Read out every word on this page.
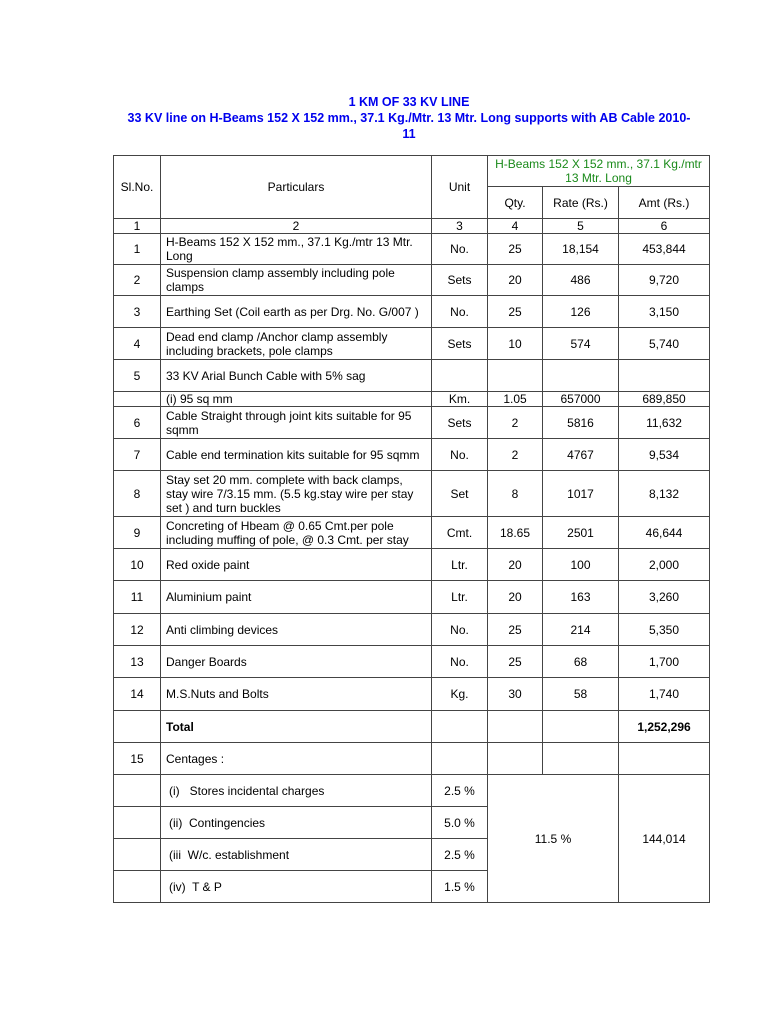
1 KM OF 33 KV LINE
33 KV line on H-Beams 152 X 152 mm., 37.1 Kg./Mtr. 13 Mtr. Long supports with AB Cable 2010-
11
Sl.No.	Particulars	Unit	H-Beams 152 X 152 mm., 37.1 Kg./mtr 13 Mtr. Long		
			Qty.	Rate (Rs.)	Amt (Rs.)
1	2	3	4	5	6
1	H-Beams 152 X 152 mm., 37.1 Kg./mtr 13 Mtr. Long	No.	25	18,154	453,844
2	Suspension clamp assembly including pole clamps	Sets	20	486	9,720
3	Earthing Set (Coil earth as per Drg. No. G/007 )	No.	25	126	3,150
4	Dead end clamp /Anchor clamp assembly including brackets, pole clamps	Sets	10	574	5,740
5	33 KV Arial Bunch Cable with 5% sag				
	(i) 95 sq mm	Km.	1.05	657000	689,850
6	Cable Straight through joint kits suitable for 95 sqmm	Sets	2	5816	11,632
7	Cable end termination kits suitable for 95 sqmm	No.	2	4767	9,534
8	Stay set 20 mm. complete with back clamps, stay wire 7/3.15 mm. (5.5 kg.stay wire per stay set ) and turn buckles	Set	8	1017	8,132
9	Concreting of Hbeam @ 0.65 Cmt.per pole including muffing of pole, @ 0.3 Cmt. per stay	Cmt.	18.65	2501	46,644
10	Red oxide paint	Ltr.	20	100	2,000
11	Aluminium paint	Ltr.	20	163	3,260
12	Anti climbing devices	No.	25	214	5,350
13	Danger Boards	No.	25	68	1,700
14	M.S.Nuts and Bolts	Kg.	30	58	1,740
	Total				1,252,296
15	Centages :				
	(i)   Stores incidental charges	2.5 %	11.5 %		144,014
	(ii)  Contingencies	5.0 %			
	(iii  W/c. establishment	2.5 %			
	(iv)  T & P	1.5 %			
